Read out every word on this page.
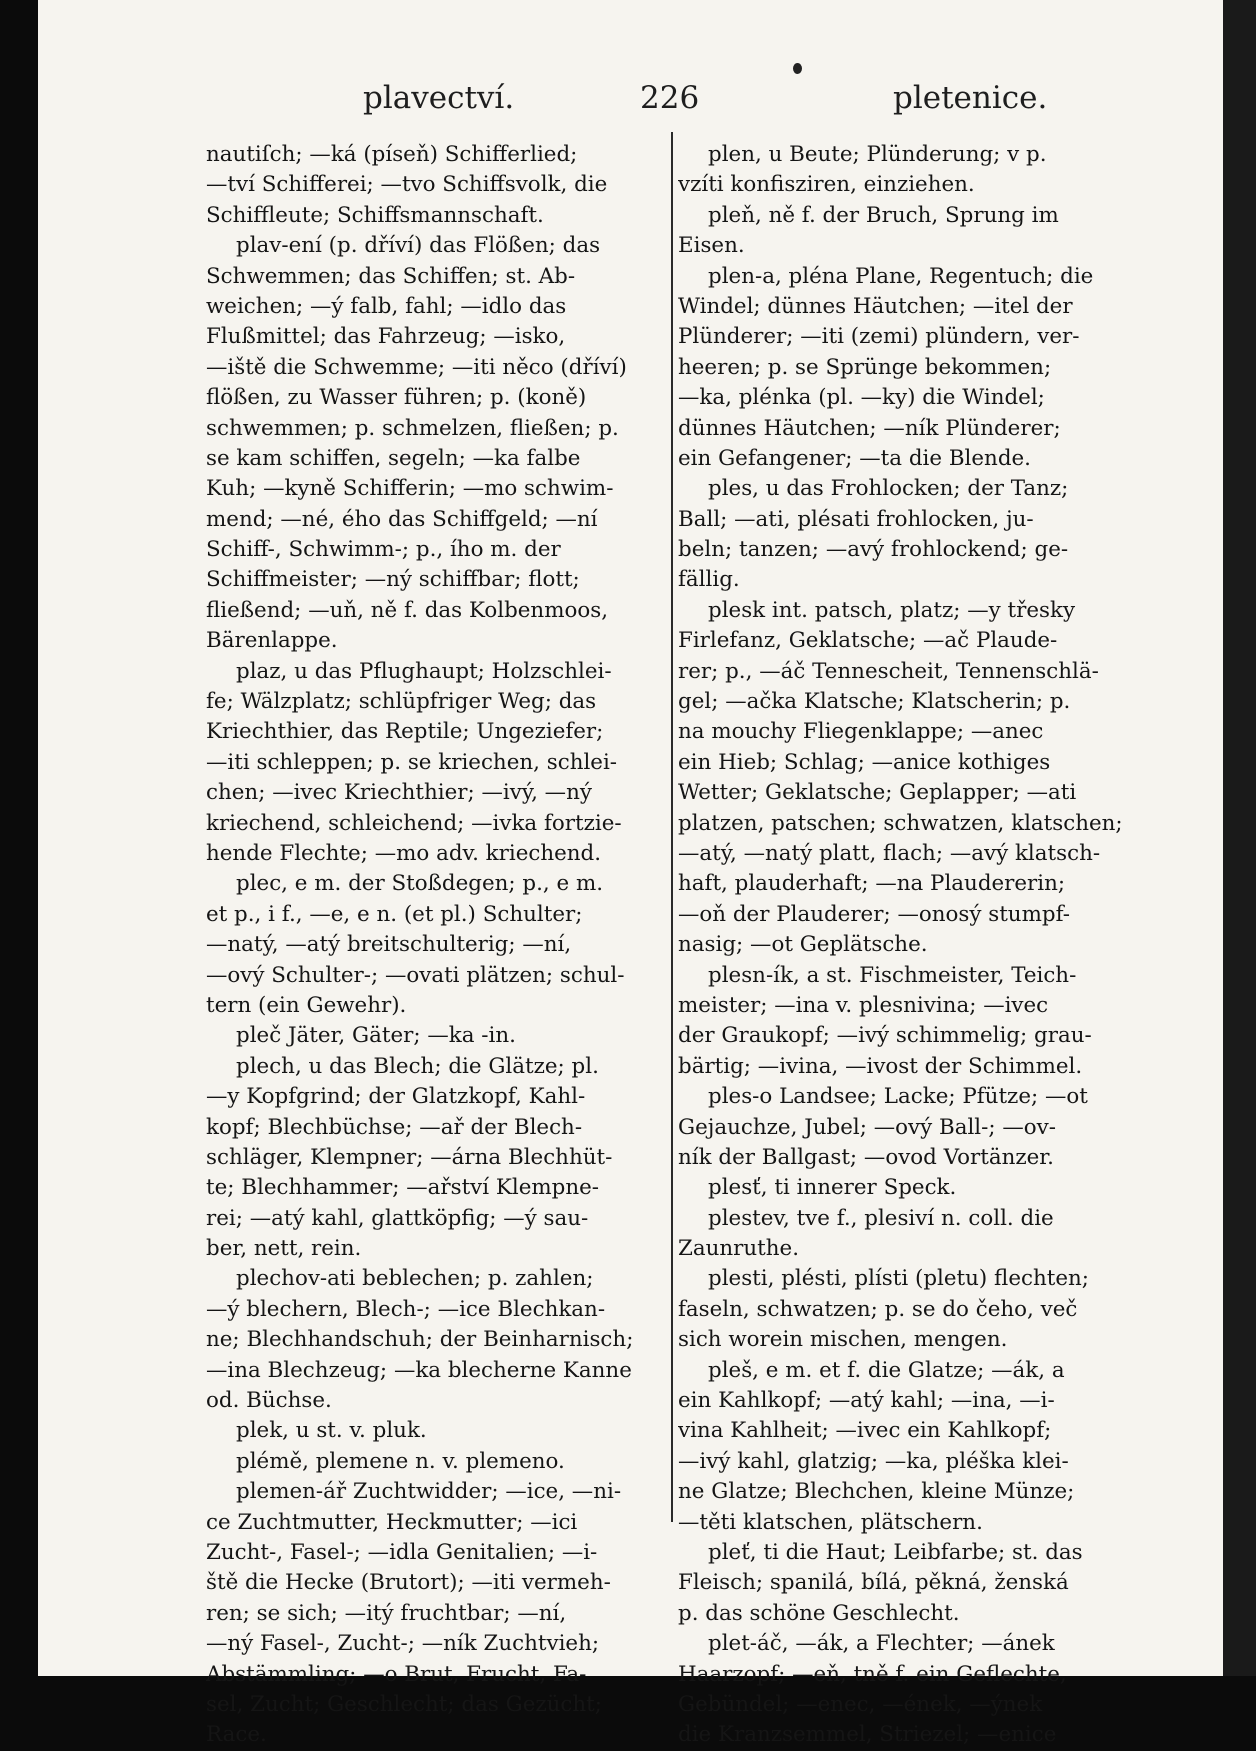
plavectví.	226	pletenice.
nautiſch; —ká (píseň) Schifferlied;
—tví Schifferei; —tvo Schiffsvolk, die
Schiffleute; Schiffsmannschaft.
plav-ení (p. dříví) das Flößen; das
Schwemmen; das Schiffen; st. Ab-
weichen; —ý falb, fahl; —idlo das
Flußmittel; das Fahrzeug; —isko,
—iště die Schwemme; —iti něco (dříví)
flößen, zu Wasser führen; p. (koně)
schwemmen; p. schmelzen, fließen; p.
se kam schiffen, segeln; —ka falbe
Kuh; —kyně Schifferin; —mo schwim-
mend; —né, ého das Schiffgeld; —ní
Schiff-, Schwimm-; p., ího m. der
Schiffmeister; —ný schiffbar; flott;
fließend; —uň, ně f. das Kolbenmoos,
Bärenlappe.
plaz, u das Pflughaupt; Holzschlei-
fe; Wälzplatz; schlüpfriger Weg; das
Kriechthier, das Reptile; Ungeziefer;
—iti schleppen; p. se kriechen, schlei-
chen; —ivec Kriechthier; —ivý, —ný
kriechend, schleichend; —ivka fortzie-
hende Flechte; —mo adv. kriechend.
plec, e m. der Stoßdegen; p., e m.
et p., i f., —e, e n. (et pl.) Schulter;
—natý, —atý breitschulterig; —ní,
—ový Schulter-; —ovati plätzen; schul-
tern (ein Gewehr).
pleč Jäter, Gäter; —ka -in.
plech, u das Blech; die Glätze; pl.
—y Kopfgrind; der Glatzkopf, Kahl-
kopf; Blechbüchse; —ař der Blech-
schläger, Klempner; —árna Blechhüt-
te; Blechhammer; —ařství Klempne-
rei; —atý kahl, glattköpfig; —ý sau-
ber, nett, rein.
plechov-ati beblechen; p. zahlen;
—ý blechern, Blech-; —ice Blechkan-
ne; Blechhandschuh; der Beinharnisch;
—ina Blechzeug; —ka blecherne Kanne
od. Büchse.
plek, u st. v. pluk.
plémě, plemene n. v. plemeno.
plemen-ář Zuchtwidder; —ice, —ni-
ce Zuchtmutter, Heckmutter; —ici
Zucht-, Fasel-; —idla Genitalien; —i-
ště die Hecke (Brutort); —iti vermeh-
ren; se sich; —itý fruchtbar; —ní,
—ný Fasel-, Zucht-; —ník Zuchtvieh;
Abstämmling; —o Brut, Frucht, Fa-
sel, Zucht; Geschlecht; das Gezücht;
Race.
plen, u Beute; Plünderung; v p.
vzíti konfisziren, einziehen.
pleň, ně f. der Bruch, Sprung im
Eisen.
plen-a, pléna Plane, Regentuch; die
Windel; dünnes Häutchen; —itel der
Plünderer; —iti (zemi) plündern, ver-
heeren; p. se Sprünge bekommen;
—ka, plénka (pl. —ky) die Windel;
dünnes Häutchen; —ník Plünderer;
ein Gefangener; —ta die Blende.
ples, u das Frohlocken; der Tanz;
Ball; —ati, plésati frohlocken, ju-
beln; tanzen; —avý frohlockend; ge-
fällig.
plesk int. patsch, platz; —y třesky
Firlefanz, Geklatsche; —ač Plaude-
rer; p., —áč Tennescheit, Tennenschlä-
gel; —ačka Klatsche; Klatscherin; p.
na mouchy Fliegenklappe; —anec
ein Hieb; Schlag; —anice kothiges
Wetter; Geklatsche; Geplapper; —ati
platzen, patschen; schwatzen, klatschen;
—atý, —natý platt, flach; —avý klatsch-
haft, plauderhaft; —na Plaudererin;
—oň der Plauderer; —onosý stumpf-
nasig; —ot Geplätsche.
plesn-ík, a st. Fischmeister, Teich-
meister; —ina v. plesnivina; —ivec
der Graukopf; —ivý schimmelig; grau-
bärtig; —ivina, —ivost der Schimmel.
ples-o Landsee; Lacke; Pfütze; —ot
Gejauchze, Jubel; —ový Ball-; —ov-
ník der Ballgast; —ovod Vortänzer.
plesť, ti innerer Speck.
plestev, tve f., plesiví n. coll. die
Zaunruthe.
plesti, plésti, plísti (pletu) flechten;
faseln, schwatzen; p. se do čeho, več
sich worein mischen, mengen.
pleš, e m. et f. die Glatze; —ák, a
ein Kahlkopf; —atý kahl; —ina, —i-
vina Kahlheit; —ivec ein Kahlkopf;
—ivý kahl, glatzig; —ka, pléška klei-
ne Glatze; Blechchen, kleine Münze;
—těti klatschen, plätschern.
pleť, ti die Haut; Leibfarbe; st. das
Fleisch; spanilá, bílá, pěkná, ženská
p. das schöne Geschlecht.
plet-áč, —ák, a Flechter; —ánek
Haarzopf; —eň, tně f. ein Geflechte,
Gebündel; —enec, —ének, —ýnek
die Kranzsemmel, Striezel; —enice
